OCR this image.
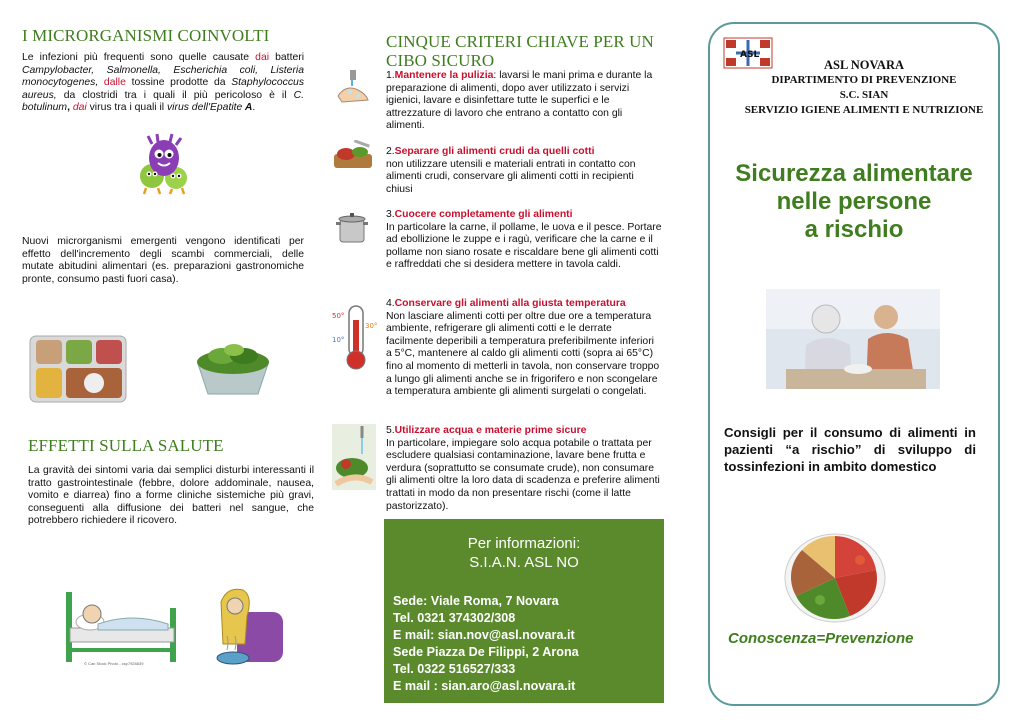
I MICRORGANISMI COINVOLTI

Le infezioni più frequenti sono quelle causate dai batteri Campylobacter, Salmonella, Escherichia coli, Listeria monocytogenes, dalle tossine prodotte da Staphylococcus aureus, da clostridi tra i quali il più pericoloso è il C. botulinum, dai virus tra i quali il virus dell'Epatite A.

Nuovi microrganismi emergenti vengono identificati per effetto dell'incremento degli scambi commerciali, delle mutate abitudini alimentari (es. preparazioni gastronomiche pronte, consumo pasti fuori casa).

EFFETTI SULLA SALUTE

La gravità dei sintomi varia dai semplici disturbi interessanti il tratto gastrointestinale (febbre, dolore addominale, nausea, vomito e diarrea) fino a forme cliniche sistemiche più gravi, conseguenti alla diffusione dei batteri nel sangue, che potrebbero richiedere il ricovero.

© Can Stock Photo - csp7928839
CINQUE CRITERI CHIAVE PER UN CIBO SICURO
1.Mantenere la pulizia: lavarsi le mani prima e durante la preparazione di alimenti, dopo aver utilizzato i servizi igienici, lavare e disinfettare tutte le superfici e le attrezzature di lavoro che entrano a contatto con gli alimenti.
2.Separare gli alimenti crudi da quelli cotti
non utilizzare utensili e materiali entrati in contatto con alimenti crudi, conservare gli alimenti cotti in recipienti chiusi
3.Cuocere completamente gli alimenti
In particolare la carne, il pollame, le uova e il pesce. Portare ad ebollizione le zuppe e i ragù, verificare che la carne e il pollame non siano rosate e riscaldare bene gli alimenti cotti e raffreddati che si desidera mettere in tavola caldi.
50°
30°
10°
4.Conservare gli alimenti alla giusta temperatura
Non lasciare alimenti cotti per oltre due ore a temperatura ambiente, refrigerare gli alimenti cotti e le derrate facilmente deperibili a temperatura preferibilmente inferiori a 5°C, mantenere al caldo gli alimenti cotti (sopra ai 65°C) fino al momento di metterli in tavola, non conservare troppo a lungo gli alimenti anche se in frigorifero e non scongelare a temperatura ambiente gli alimenti surgelati o congelati.
5.Utilizzare acqua e materie prime sicure
In particolare, impiegare solo acqua potabile o trattata per escludere qualsiasi contaminazione, lavare bene frutta e verdura (soprattutto se consumate crude), non consumare gli alimenti oltre la loro data di scadenza e preferire alimenti trattati in modo da non presentare rischi (come il latte pastorizzato).
Per informazioni:
S.I.A.N. ASL NO
Sede: Viale Roma, 7 Novara
Tel. 0321 374302/308
E mail: sian.nov@asl.novara.it
Sede Piazza De Filippi, 2 Arona
Tel. 0322 516527/333
E mail : sian.aro@asl.novara.it
ASL
ASL NOVARA
DIPARTIMENTO DI PREVENZIONE
S.C. SIAN
SERVIZIO IGIENE ALIMENTI E NUTRIZIONE
Sicurezza alimentare
nelle persone
a rischio
Consigli per il consumo di alimenti in pazienti “a rischio” di sviluppo di tossinfezioni in ambito domestico
Conoscenza=Prevenzione
